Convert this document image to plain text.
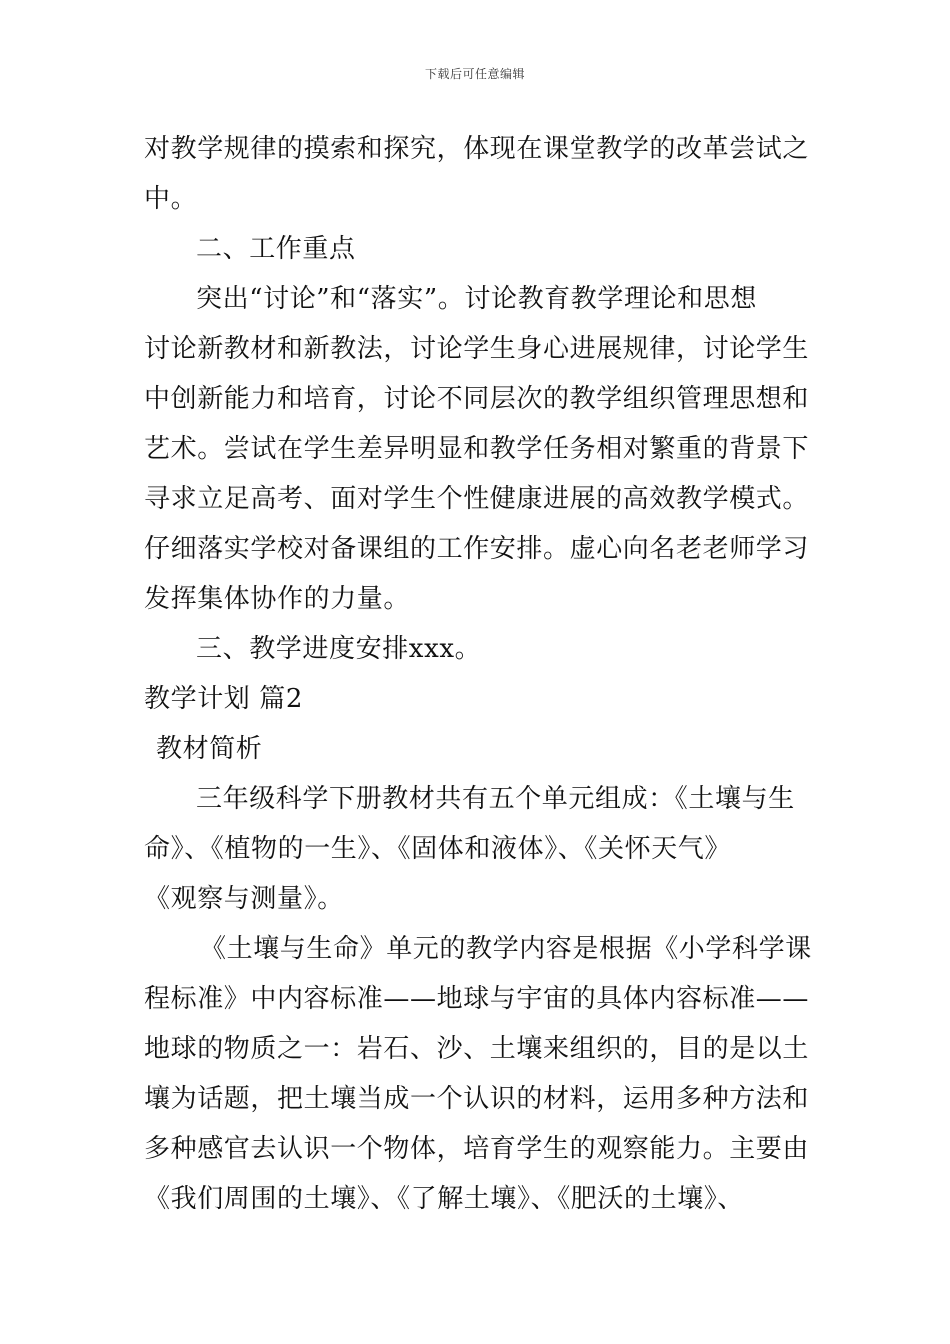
下载后可任意编辑
对教学规律的摸索和探究，体现在课堂教学的改革尝试之
中。
二、工作重点
突出“讨论”和“落实”。讨论教育教学理论和思想
讨论新教材和新教法，讨论学生身心进展规律，讨论学生
中创新能力和培育，讨论不同层次的教学组织管理思想和
艺术。尝试在学生差异明显和教学任务相对繁重的背景下
寻求立足高考、面对学生个性健康进展的高效教学模式。
仔细落实学校对备课组的工作安排。虚心向名老老师学习
发挥集体协作的力量。
三、教学进度安排xxx。
教学计划 篇2
教材简析
三年级科学下册教材共有五个单元组成：《土壤与生
命》、《植物的一生》、《固体和液体》、《关怀天气》
《观察与测量》。
《土壤与生命》单元的教学内容是根据《小学科学课
程标准》中内容标准——地球与宇宙的具体内容标准——
地球的物质之一：岩石、沙、土壤来组织的，目的是以土
壤为话题，把土壤当成一个认识的材料，运用多种方法和
多种感官去认识一个物体，培育学生的观察能力。主要由
《我们周围的土壤》、《了解土壤》、《肥沃的土壤》、
